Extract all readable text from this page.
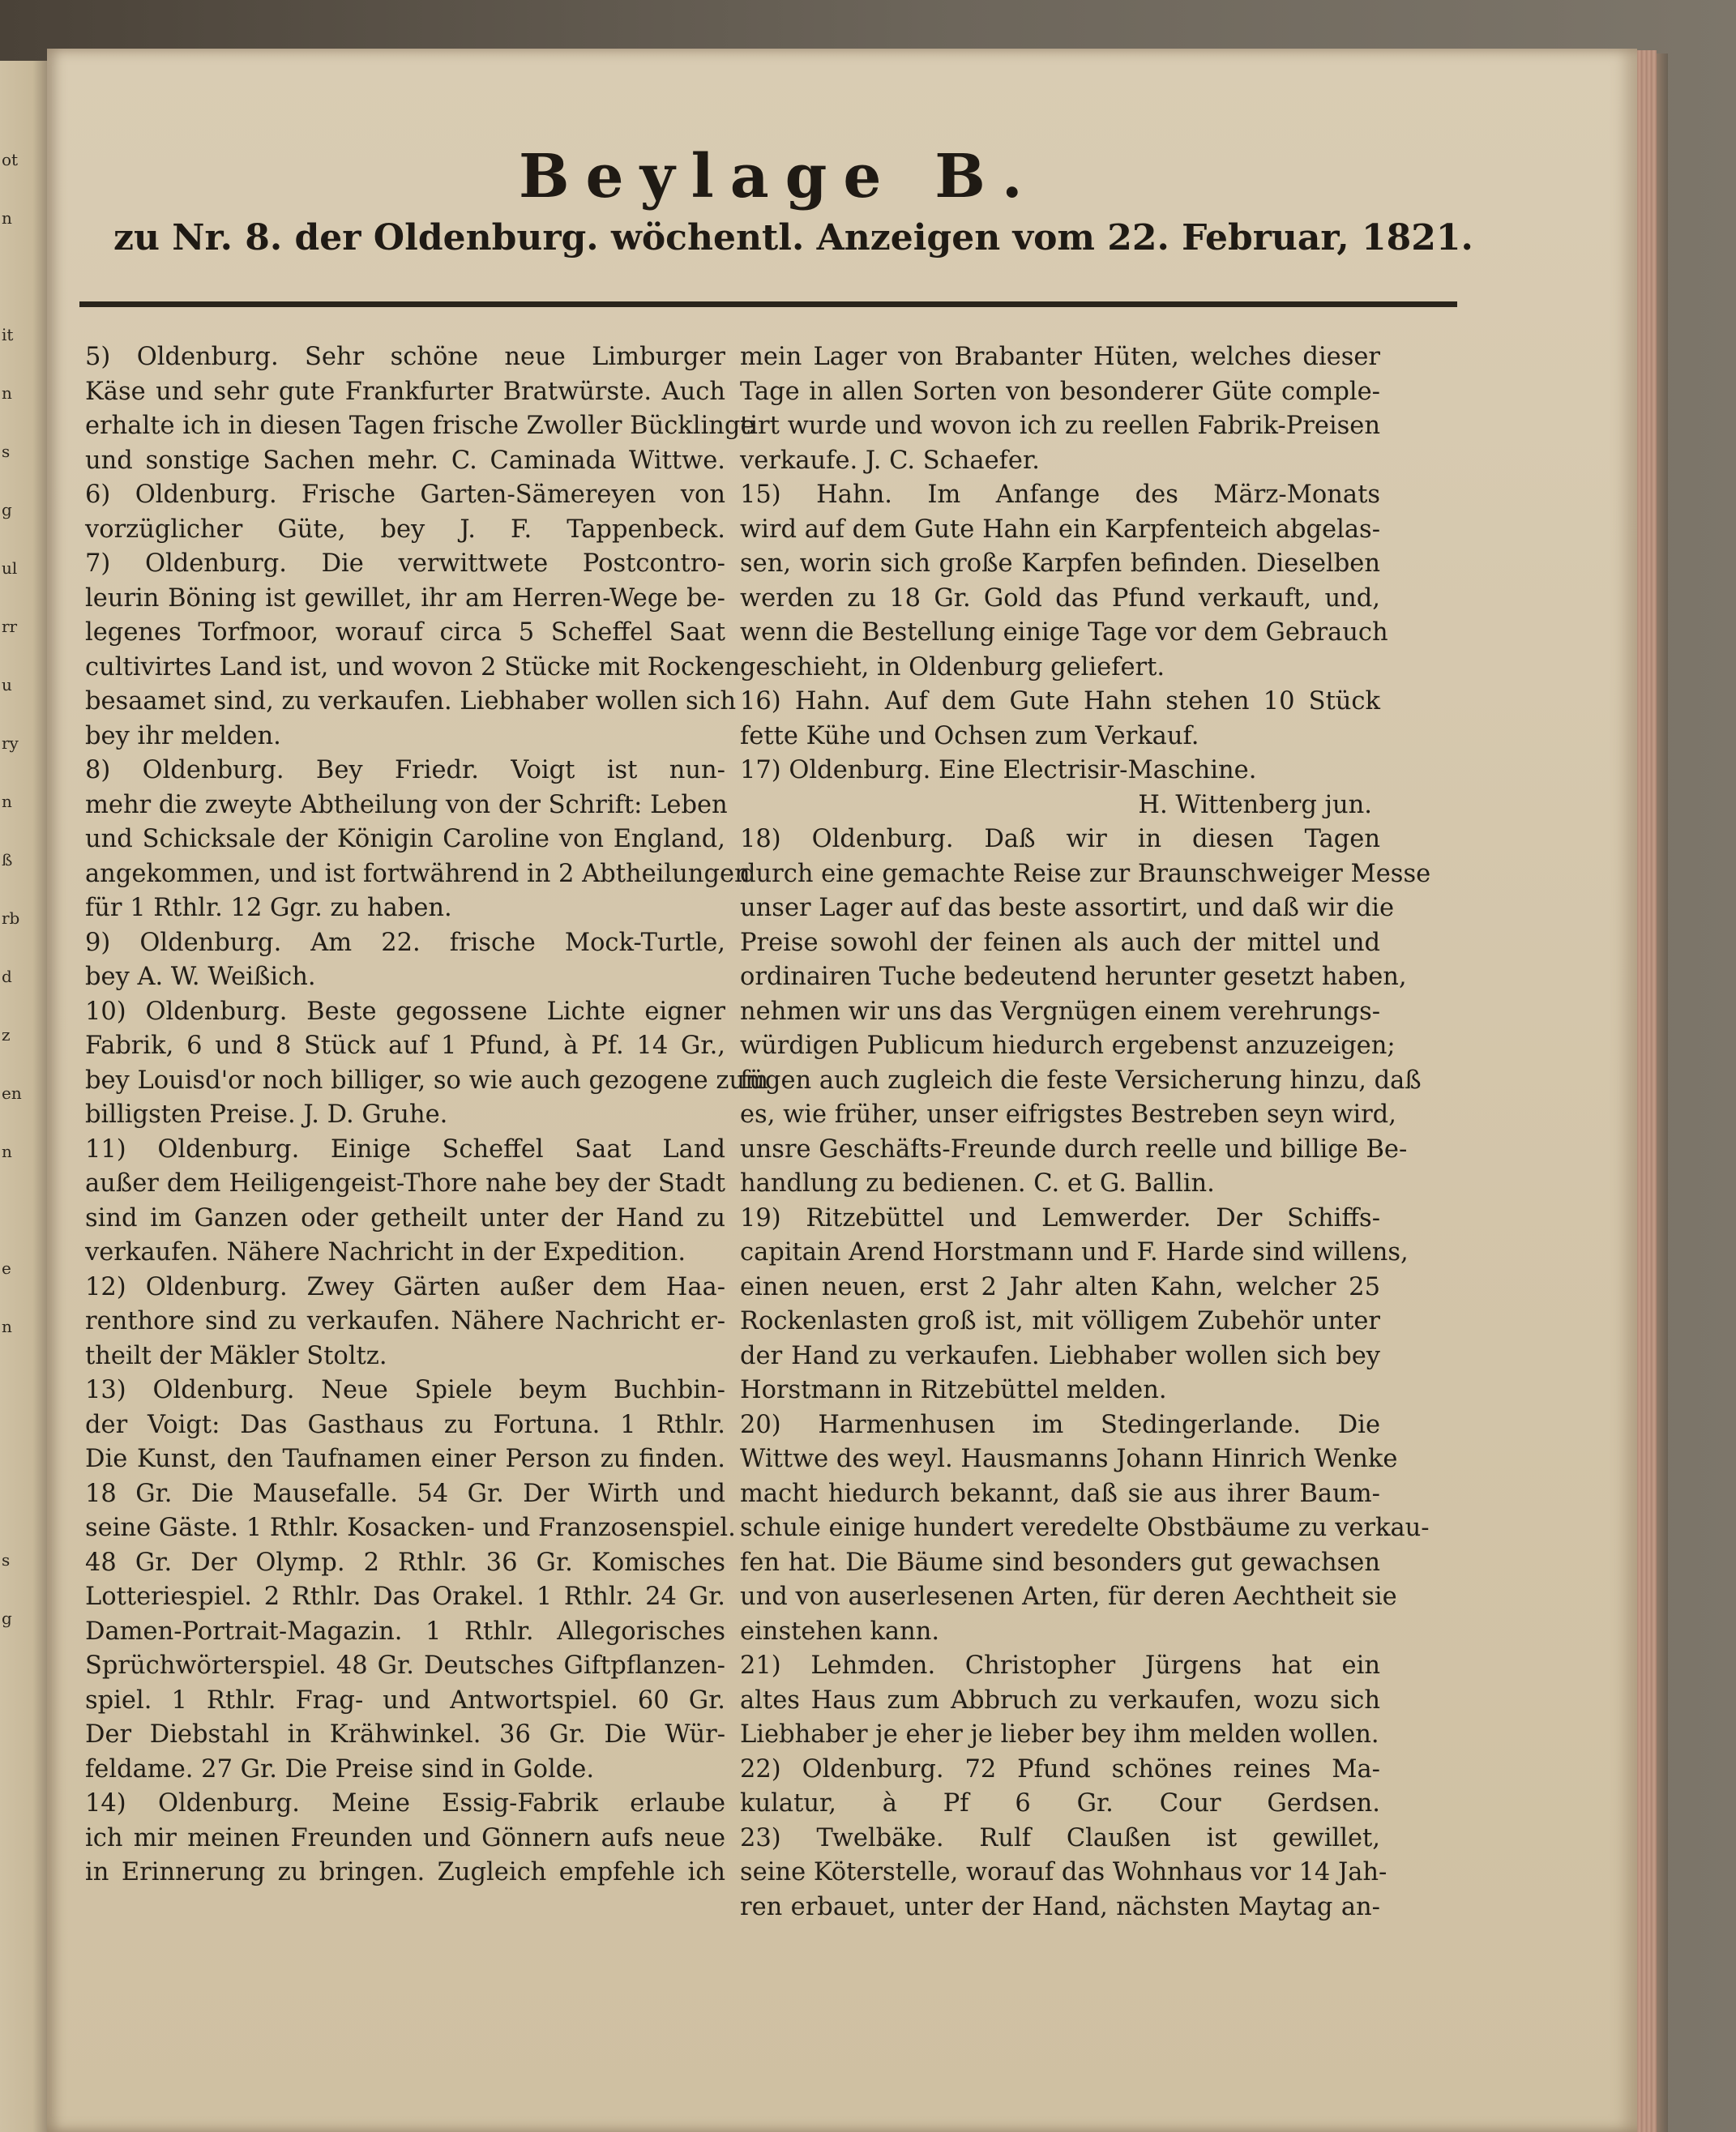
ot
n
it
n
s
g
ul
rr
u
ry
n
ß
rb
d
z
en
n
e
n
s
g
Beylage B.
zu Nr. 8. der Oldenburg. wöchentl. Anzeigen vom 22. Februar, 1821.
5) Oldenburg. Sehr schöne neue Limburger
Käse und sehr gute Frankfurter Bratwürste. Auch
erhalte ich in diesen Tagen frische Zwoller Bücklinge
und sonstige Sachen mehr. C. Caminada Wittwe.
6) Oldenburg. Frische Garten-Sämereyen von
vorzüglicher Güte, bey J. F. Tappenbeck.
7) Oldenburg. Die verwittwete Postcontro-
leurin Böning ist gewillet, ihr am Herren-Wege be-
legenes Torfmoor, worauf circa 5 Scheffel Saat
cultivirtes Land ist, und wovon 2 Stücke mit Rocken
besaamet sind, zu verkaufen. Liebhaber wollen sich
bey ihr melden.
8) Oldenburg. Bey Friedr. Voigt ist nun-
mehr die zweyte Abtheilung von der Schrift: Leben
und Schicksale der Königin Caroline von England,
angekommen, und ist fortwährend in 2 Abtheilungen
für 1 Rthlr. 12 Ggr. zu haben.
9) Oldenburg. Am 22. frische Mock-Turtle,
bey A. W. Weißich.
10) Oldenburg. Beste gegossene Lichte eigner
Fabrik, 6 und 8 Stück auf 1 Pfund, à Pf. 14 Gr.,
bey Louisd'or noch billiger, so wie auch gezogene zum
billigsten Preise. J. D. Gruhe.
11) Oldenburg. Einige Scheffel Saat Land
außer dem Heiligengeist-Thore nahe bey der Stadt
sind im Ganzen oder getheilt unter der Hand zu
verkaufen. Nähere Nachricht in der Expedition.
12) Oldenburg. Zwey Gärten außer dem Haa-
renthore sind zu verkaufen. Nähere Nachricht er-
theilt der Mäkler Stoltz.
13) Oldenburg. Neue Spiele beym Buchbin-
der Voigt: Das Gasthaus zu Fortuna. 1 Rthlr.
Die Kunst, den Taufnamen einer Person zu finden.
18 Gr. Die Mausefalle. 54 Gr. Der Wirth und
seine Gäste. 1 Rthlr. Kosacken- und Franzosenspiel.
48 Gr. Der Olymp. 2 Rthlr. 36 Gr. Komisches
Lotteriespiel. 2 Rthlr. Das Orakel. 1 Rthlr. 24 Gr.
Damen-Portrait-Magazin. 1 Rthlr. Allegorisches
Sprüchwörterspiel. 48 Gr. Deutsches Giftpflanzen-
spiel. 1 Rthlr. Frag- und Antwortspiel. 60 Gr.
Der Diebstahl in Krähwinkel. 36 Gr. Die Wür-
feldame. 27 Gr. Die Preise sind in Golde.
14) Oldenburg. Meine Essig-Fabrik erlaube
ich mir meinen Freunden und Gönnern aufs neue
in Erinnerung zu bringen. Zugleich empfehle ich
mein Lager von Brabanter Hüten, welches dieser
Tage in allen Sorten von besonderer Güte comple-
tirt wurde und wovon ich zu reellen Fabrik-Preisen
verkaufe. J. C. Schaefer.
15) Hahn. Im Anfange des März-Monats
wird auf dem Gute Hahn ein Karpfenteich abgelas-
sen, worin sich große Karpfen befinden. Dieselben
werden zu 18 Gr. Gold das Pfund verkauft, und,
wenn die Bestellung einige Tage vor dem Gebrauch
geschieht, in Oldenburg geliefert.
16) Hahn. Auf dem Gute Hahn stehen 10 Stück
fette Kühe und Ochsen zum Verkauf.
17) Oldenburg. Eine Electrisir-Maschine.
H. Wittenberg jun.
18) Oldenburg. Daß wir in diesen Tagen
durch eine gemachte Reise zur Braunschweiger Messe
unser Lager auf das beste assortirt, und daß wir die
Preise sowohl der feinen als auch der mittel und
ordinairen Tuche bedeutend herunter gesetzt haben,
nehmen wir uns das Vergnügen einem verehrungs-
würdigen Publicum hiedurch ergebenst anzuzeigen;
fügen auch zugleich die feste Versicherung hinzu, daß
es, wie früher, unser eifrigstes Bestreben seyn wird,
unsre Geschäfts-Freunde durch reelle und billige Be-
handlung zu bedienen. C. et G. Ballin.
19) Ritzebüttel und Lemwerder. Der Schiffs-
capitain Arend Horstmann und F. Harde sind willens,
einen neuen, erst 2 Jahr alten Kahn, welcher 25
Rockenlasten groß ist, mit völligem Zubehör unter
der Hand zu verkaufen. Liebhaber wollen sich bey
Horstmann in Ritzebüttel melden.
20) Harmenhusen im Stedingerlande. Die
Wittwe des weyl. Hausmanns Johann Hinrich Wenke
macht hiedurch bekannt, daß sie aus ihrer Baum-
schule einige hundert veredelte Obstbäume zu verkau-
fen hat. Die Bäume sind besonders gut gewachsen
und von auserlesenen Arten, für deren Aechtheit sie
einstehen kann.
21) Lehmden. Christopher Jürgens hat ein
altes Haus zum Abbruch zu verkaufen, wozu sich
Liebhaber je eher je lieber bey ihm melden wollen.
22) Oldenburg. 72 Pfund schönes reines Ma-
kulatur, à Pf 6 Gr. Cour Gerdsen.
23) Twelbäke. Rulf Claußen ist gewillet,
seine Köterstelle, worauf das Wohnhaus vor 14 Jah-
ren erbauet, unter der Hand, nächsten Maytag an-
